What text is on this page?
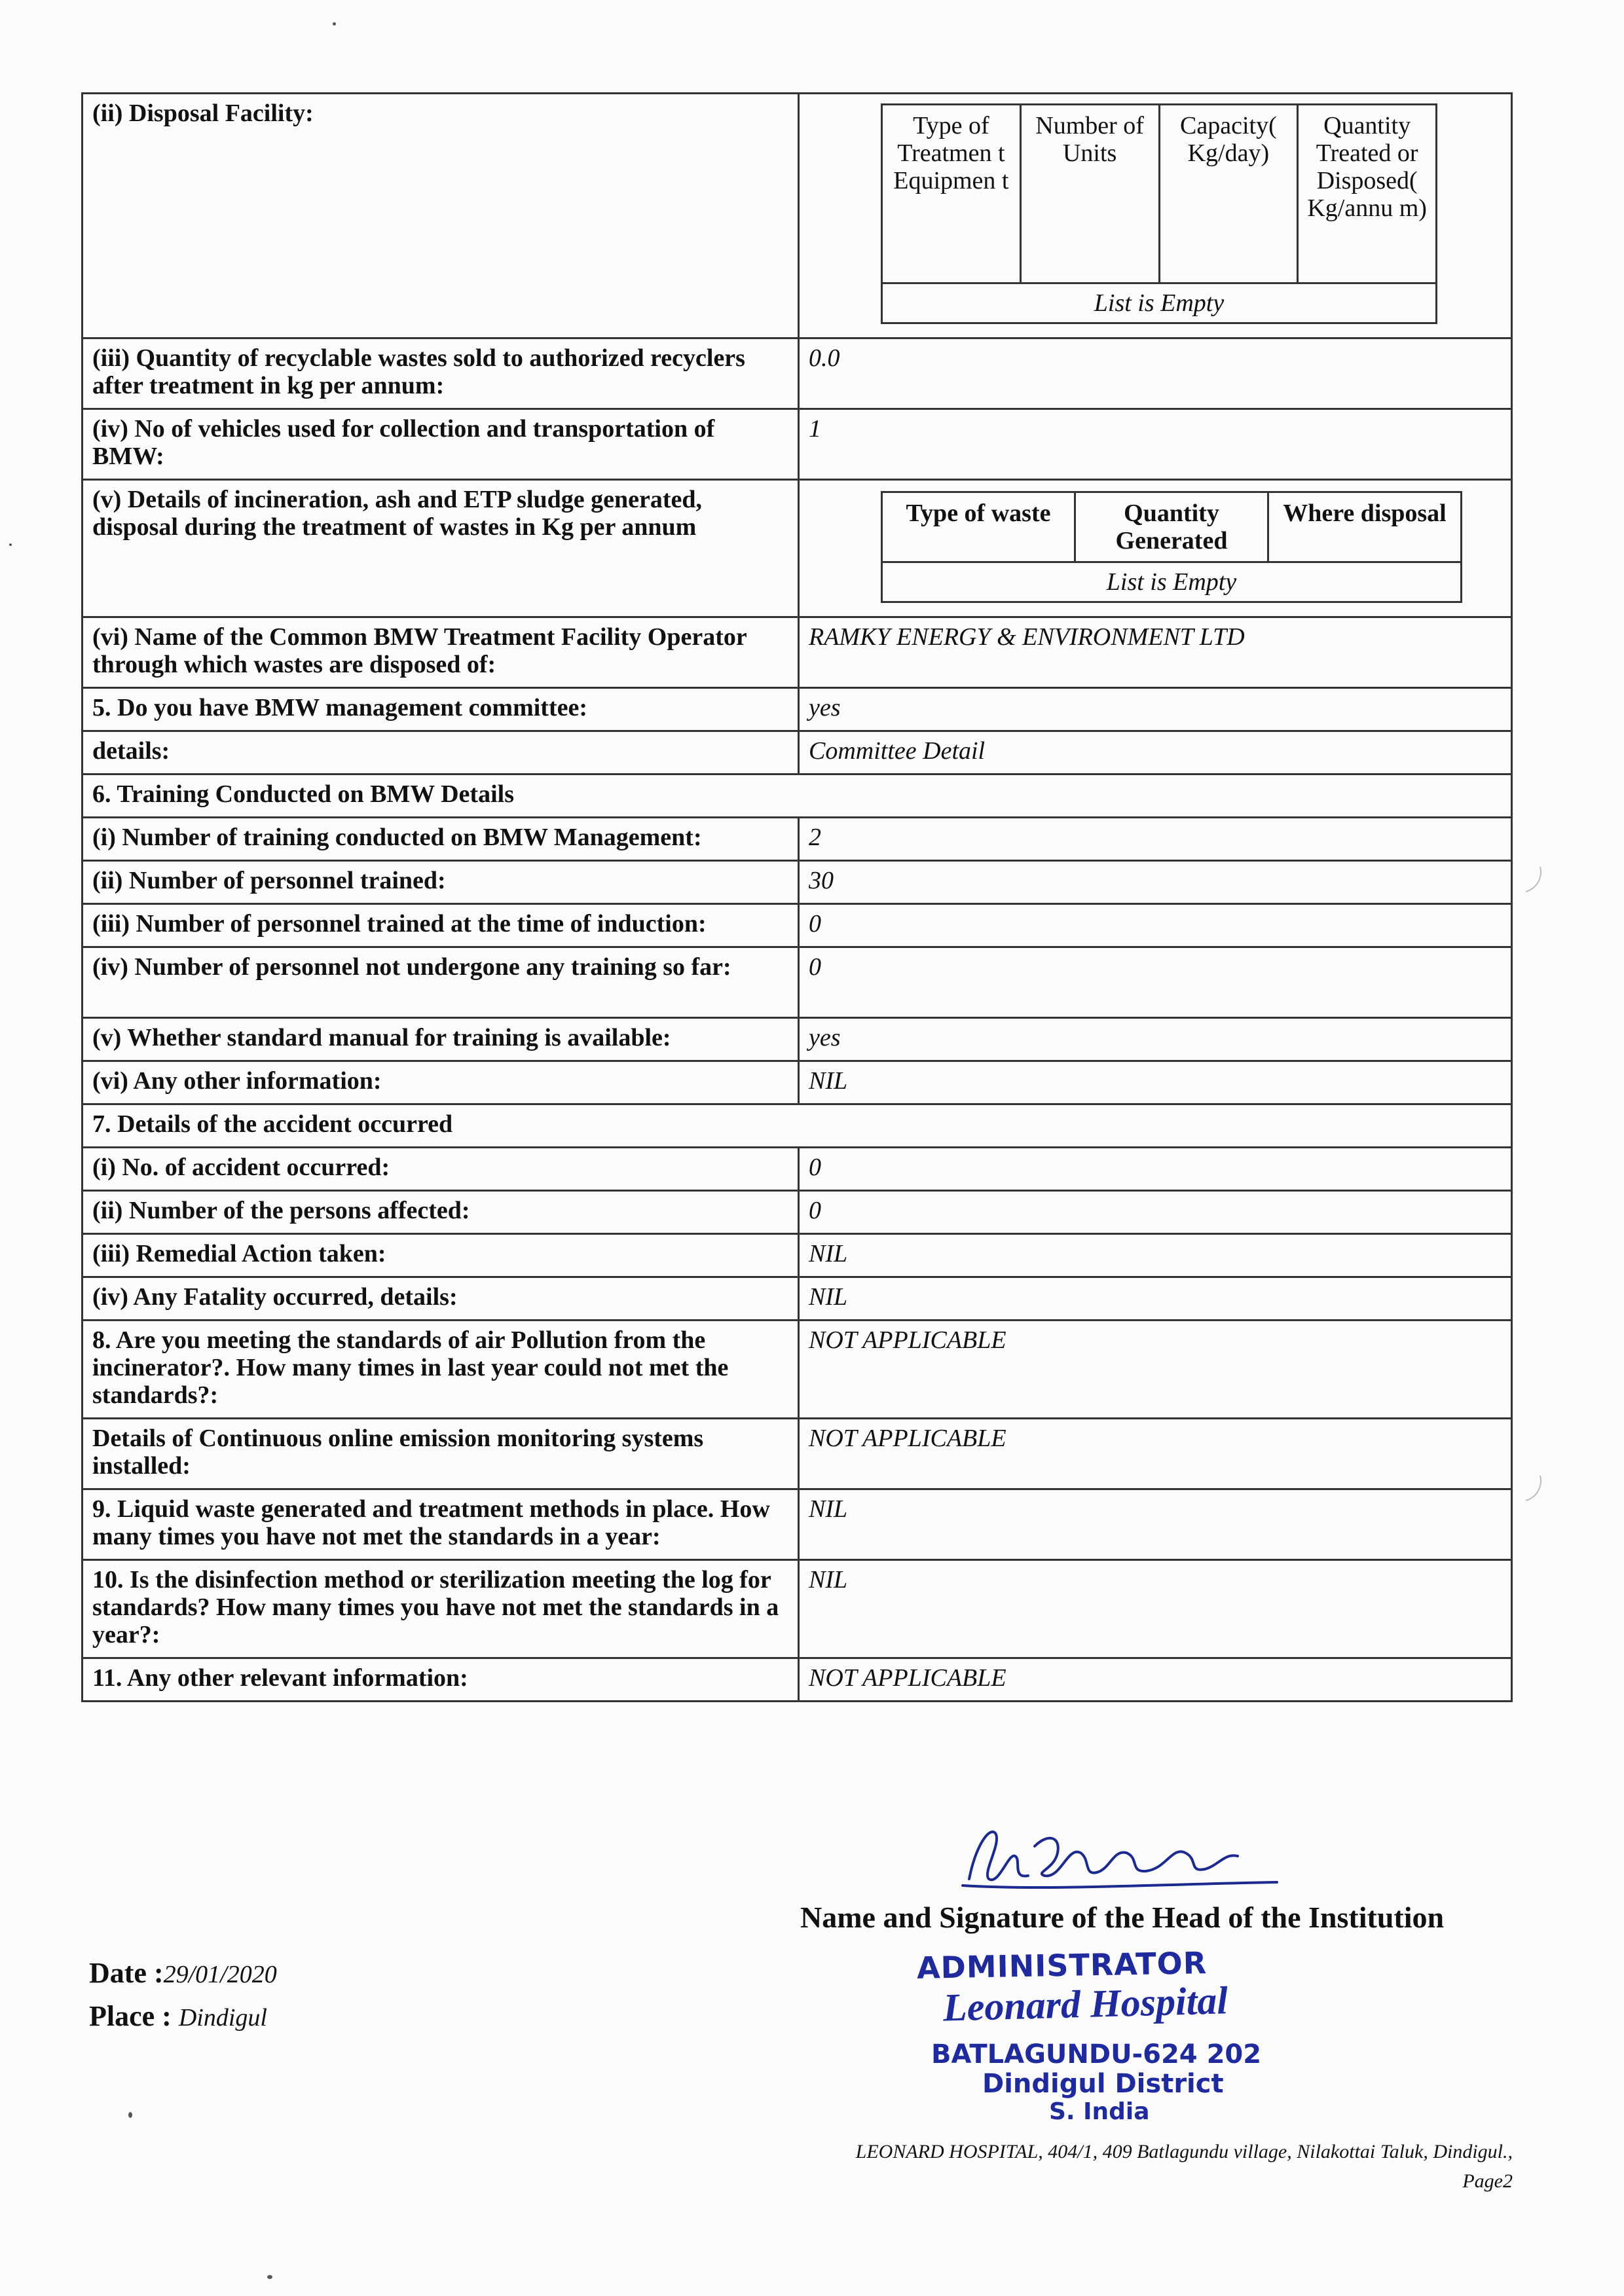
(ii) Disposal Facility:		Type of Treatmen t Equipmen t	Number of Units	Capacity( Kg/day)	Quantity Treated or Disposed( Kg/annu m)
List is Empty

(iii) Quantity of recyclable wastes sold to authorized recyclers after treatment in kg per annum:	0.0
(iv) No of vehicles used for collection and transportation of BMW:	1
(v) Details of incineration, ash and ETP sludge generated, disposal during the treatment of wastes in Kg per annum		Type of waste	Quantity Generated	Where disposal
List is Empty

(vi) Name of the Common BMW Treatment Facility Operator through which wastes are disposed of:	RAMKY ENERGY & ENVIRONMENT LTD
5. Do you have BMW management committee:	yes
details:	Committee Detail
6. Training Conducted on BMW Details
(i) Number of training conducted on BMW Management:	2
(ii) Number of personnel trained:	30
(iii) Number of personnel trained at the time of induction:	0
(iv) Number of personnel not undergone any training so far:	0
(v) Whether standard manual for training is available:	yes
(vi) Any other information:	NIL
7. Details of the accident occurred
(i) No. of accident occurred:	0
(ii) Number of the persons affected:	0
(iii) Remedial Action taken:	NIL
(iv) Any Fatality occurred, details:	NIL
8. Are you meeting the standards of air Pollution from the incinerator?. How many times in last year could not met the standards?:	NOT APPLICABLE
Details of Continuous online emission monitoring systems installed:	NOT APPLICABLE
9. Liquid waste generated and treatment methods in place. How many times you have not met the standards in a year:	NIL
10. Is the disinfection method or sterilization meeting the log for standards? How many times you have not met the standards in a year?:	NIL
11. Any other relevant information:	NOT APPLICABLE
Name and Signature of the Head of the Institution
ADMINISTRATOR
Leonard Hospital
BATLAGUNDU-624 202
Dindigul District
S. India
Date :29/01/2020
Place : Dindigul
LEONARD HOSPITAL, 404/1, 409 Batlagundu village, Nilakottai Taluk, Dindigul.,
Page2
